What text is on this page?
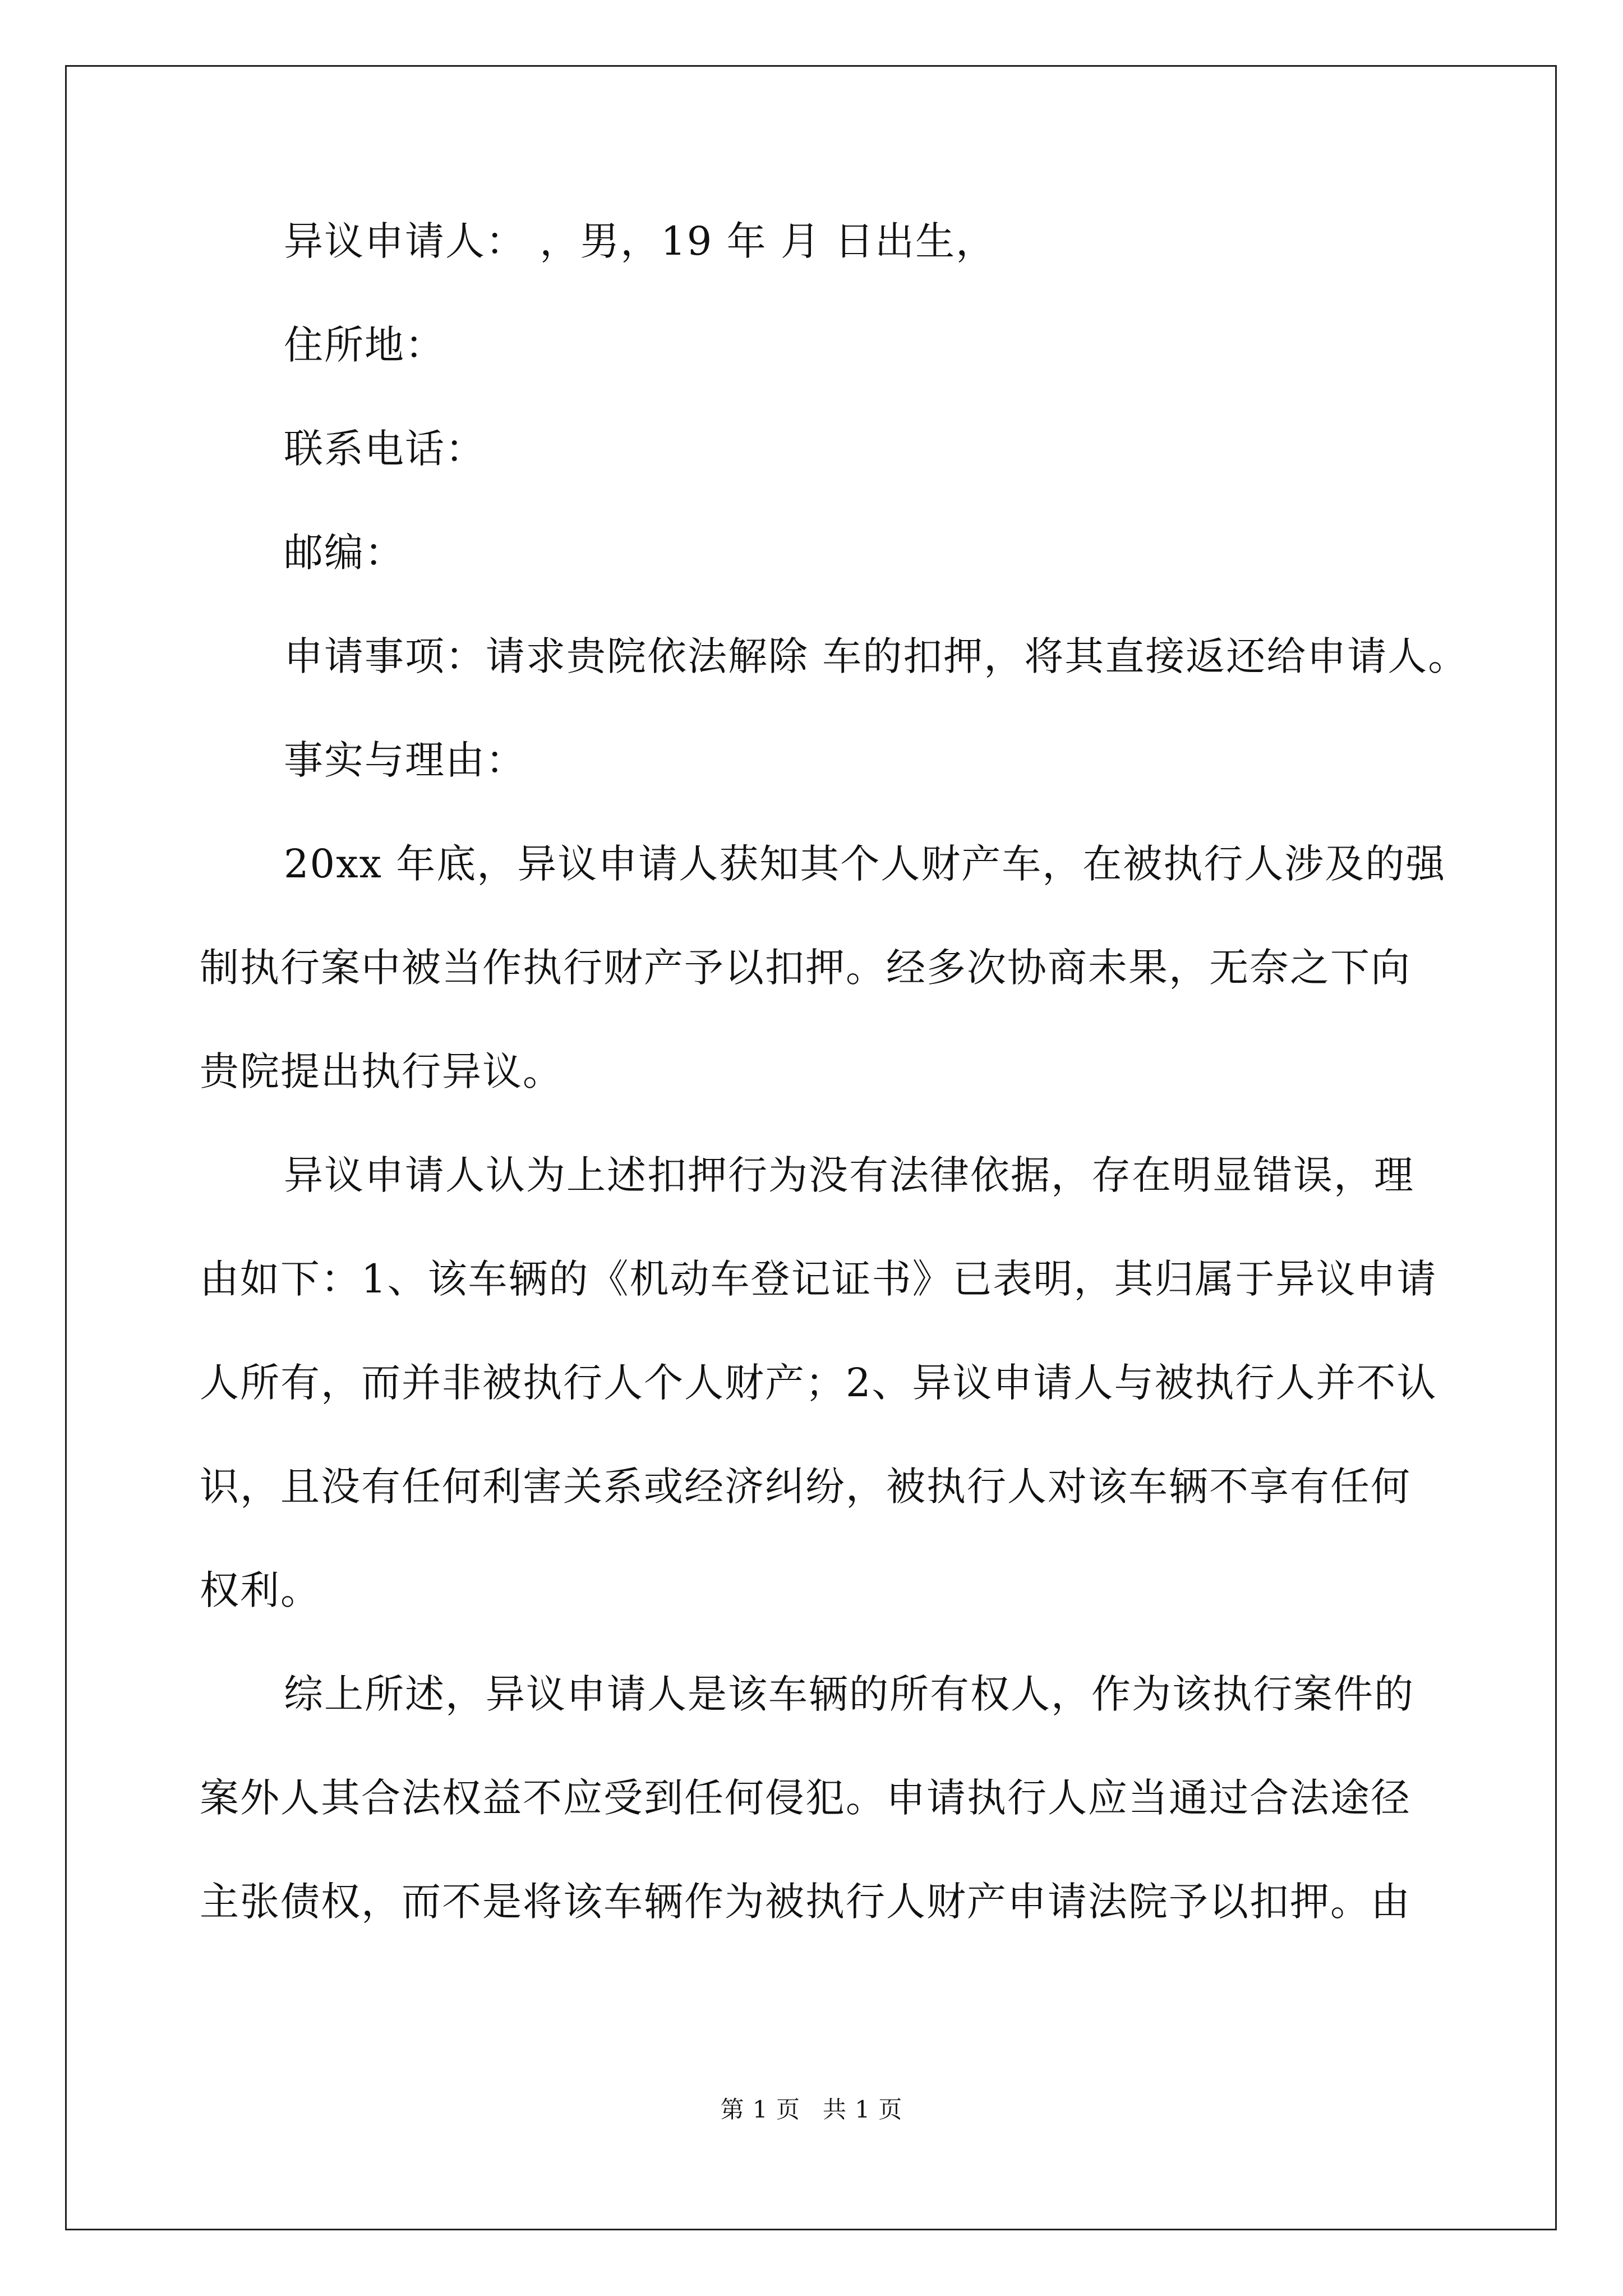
异议申请人： ，男，19 年 月 日出生，
住所地：
联系电话：
邮编：
申请事项：请求贵院依法解除 车的扣押，将其直接返还给申请人。
事实与理由：
20xx 年底，异议申请人获知其个人财产车，在被执行人涉及的强
制执行案中被当作执行财产予以扣押。经多次协商未果，无奈之下向
贵院提出执行异议。
异议申请人认为上述扣押行为没有法律依据，存在明显错误，理
由如下：1、该车辆的《机动车登记证书》已表明，其归属于异议申请
人所有，而并非被执行人个人财产；2、异议申请人与被执行人并不认
识，且没有任何利害关系或经济纠纷，被执行人对该车辆不享有任何
权利。
综上所述，异议申请人是该车辆的所有权人，作为该执行案件的
案外人其合法权益不应受到任何侵犯。申请执行人应当通过合法途径
主张债权，而不是将该车辆作为被执行人财产申请法院予以扣押。由
第 1 页 共 1 页
